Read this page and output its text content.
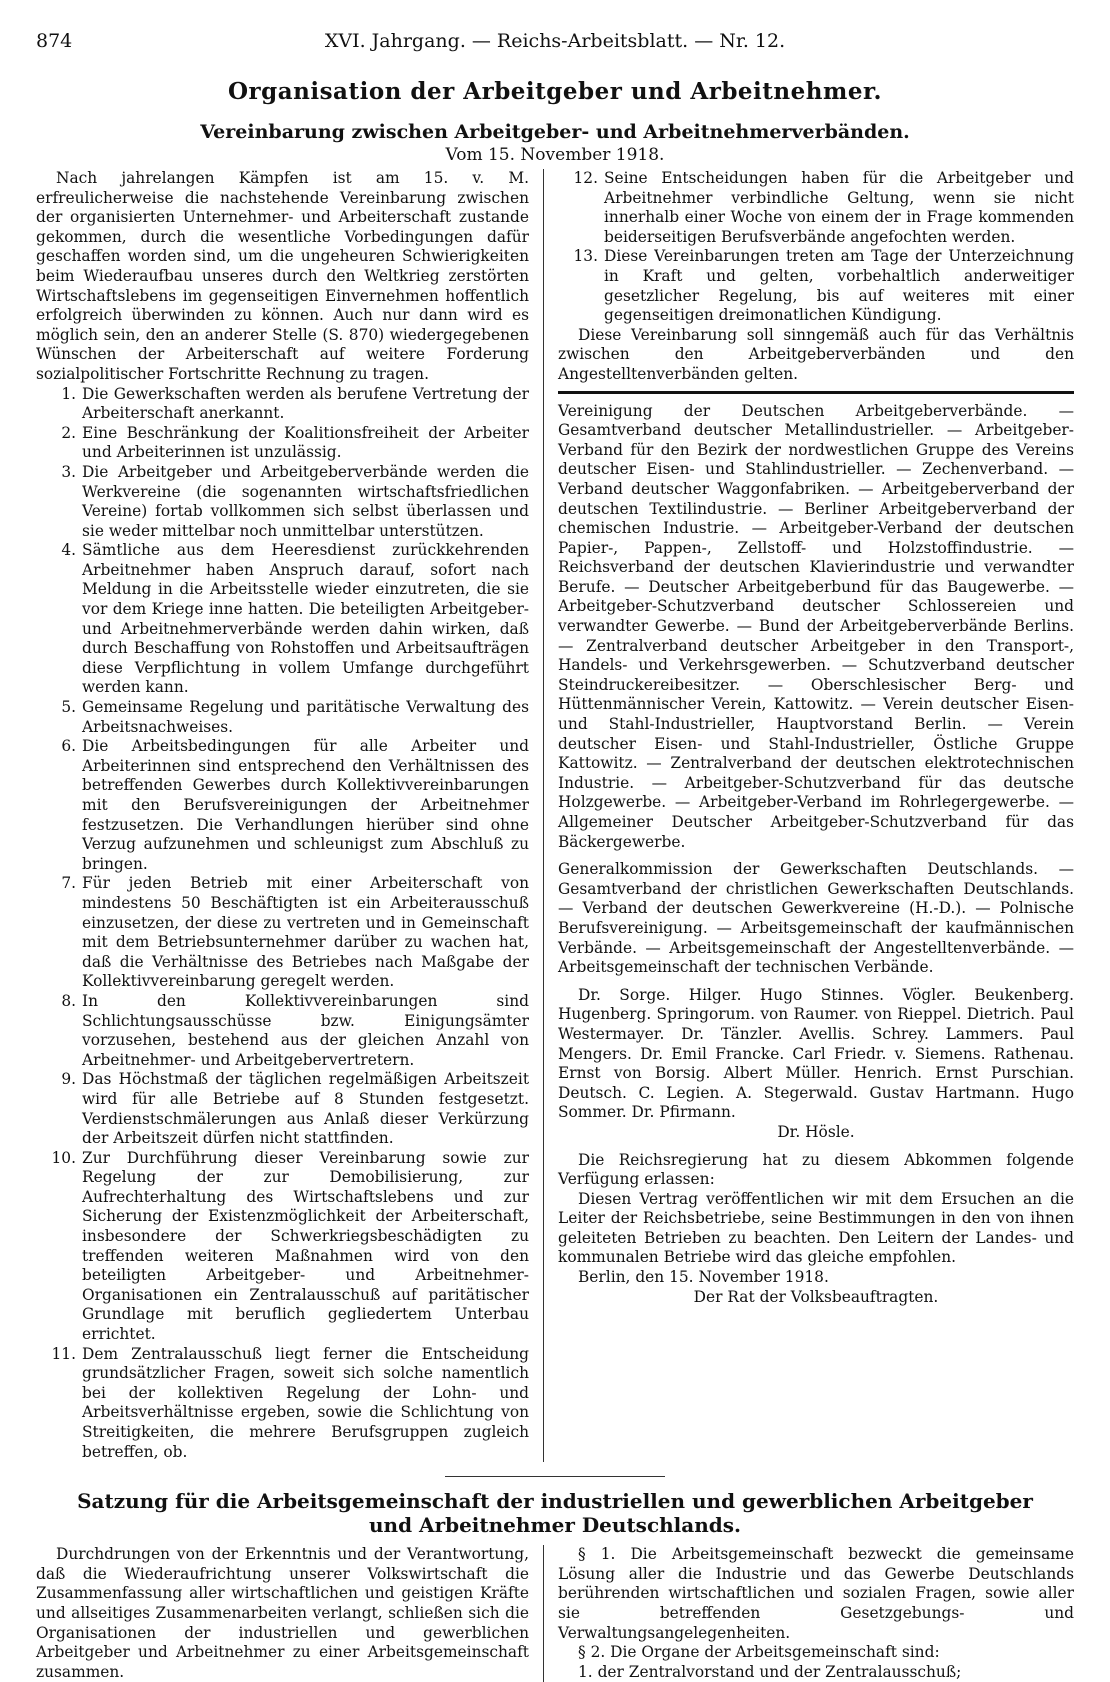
874	XVI. Jahrgang. — Reichs-Arbeitsblatt. — Nr. 12.
Organisation der Arbeitgeber und Arbeitnehmer.
Vereinbarung zwischen Arbeitgeber- und Arbeitnehmerverbänden.
Vom 15. November 1918.

Nach jahrelangen Kämpfen ist am 15. v. M. erfreulicherweise die nachstehende Vereinbarung zwischen der organisierten Unternehmer- und Arbeiterschaft zustande gekommen, durch die wesentliche Vorbedingungen dafür geschaffen worden sind, um die ungeheuren Schwierigkeiten beim Wiederaufbau unseres durch den Weltkrieg zerstörten Wirtschaftslebens im gegenseitigen Einvernehmen hoffentlich erfolgreich überwinden zu können. Auch nur dann wird es möglich sein, den an anderer Stelle (S. 870) wiedergegebenen Wünschen der Arbeiterschaft auf weitere Forderung sozialpolitischer Fortschritte Rechnung zu tragen.

1. Die Gewerkschaften werden als berufene Vertretung der Arbeiterschaft anerkannt.
2. Eine Beschränkung der Koalitionsfreiheit der Arbeiter und Arbeiterinnen ist unzulässig.
3. Die Arbeitgeber und Arbeitgeberverbände werden die Werkvereine (die sogenannten wirtschaftsfriedlichen Vereine) fortab vollkommen sich selbst überlassen und sie weder mittelbar noch unmittelbar unterstützen.
4. Sämtliche aus dem Heeresdienst zurückkehrenden Arbeitnehmer haben Anspruch darauf, sofort nach Meldung in die Arbeitsstelle wieder einzutreten, die sie vor dem Kriege inne hatten. Die beteiligten Arbeitgeber- und Arbeitnehmerverbände werden dahin wirken, daß durch Beschaffung von Rohstoffen und Arbeitsaufträgen diese Verpflichtung in vollem Umfange durchgeführt werden kann.
5. Gemeinsame Regelung und paritätische Verwaltung des Arbeitsnachweises.
6. Die Arbeitsbedingungen für alle Arbeiter und Arbeiterinnen sind entsprechend den Verhältnissen des betreffenden Gewerbes durch Kollektivvereinbarungen mit den Berufsvereinigungen der Arbeitnehmer festzusetzen. Die Verhandlungen hierüber sind ohne Verzug aufzunehmen und schleunigst zum Abschluß zu bringen.
7. Für jeden Betrieb mit einer Arbeiterschaft von mindestens 50 Beschäftigten ist ein Arbeiterausschuß einzusetzen, der diese zu vertreten und in Gemeinschaft mit dem Betriebsunternehmer darüber zu wachen hat, daß die Verhältnisse des Betriebes nach Maßgabe der Kollektivvereinbarung geregelt werden.
8. In den Kollektivvereinbarungen sind Schlichtungsausschüsse bzw. Einigungsämter vorzusehen, bestehend aus der gleichen Anzahl von Arbeitnehmer- und Arbeitgebervertretern.
9. Das Höchstmaß der täglichen regelmäßigen Arbeitszeit wird für alle Betriebe auf 8 Stunden festgesetzt. Verdienstschmälerungen aus Anlaß dieser Verkürzung der Arbeitszeit dürfen nicht stattfinden.
10. Zur Durchführung dieser Vereinbarung sowie zur Regelung der zur Demobilisierung, zur Aufrechterhaltung des Wirtschaftslebens und zur Sicherung der Existenzmöglichkeit der Arbeiterschaft, insbesondere der Schwerkriegsbeschädigten zu treffenden weiteren Maßnahmen wird von den beteiligten Arbeitgeber- und Arbeitnehmer-Organisationen ein Zentralausschuß auf paritätischer Grundlage mit beruflich gegliedertem Unterbau errichtet.
11. Dem Zentralausschuß liegt ferner die Entscheidung grundsätzlicher Fragen, soweit sich solche namentlich bei der kollektiven Regelung der Lohn- und Arbeitsverhältnisse ergeben, sowie die Schlichtung von Streitigkeiten, die mehrere Berufsgruppen zugleich betreffen, ob.
12. Seine Entscheidungen haben für die Arbeitgeber und Arbeitnehmer verbindliche Geltung, wenn sie nicht innerhalb einer Woche von einem der in Frage kommenden beiderseitigen Berufsverbände angefochten werden.
13. Diese Vereinbarungen treten am Tage der Unterzeichnung in Kraft und gelten, vorbehaltlich anderweitiger gesetzlicher Regelung, bis auf weiteres mit einer gegenseitigen dreimonatlichen Kündigung.

Diese Vereinbarung soll sinngemäß auch für das Verhältnis zwischen den Arbeitgeberverbänden und den Angestelltenverbänden gelten.

Vereinigung der Deutschen Arbeitgeberverbände. — Gesamtverband deutscher Metallindustrieller. — Arbeitgeber-Verband für den Bezirk der nordwestlichen Gruppe des Vereins deutscher Eisen- und Stahlindustrieller. — Zechenverband. — Verband deutscher Waggonfabriken. — Arbeitgeberverband der deutschen Textilindustrie. — Berliner Arbeitgeberverband der chemischen Industrie. — Arbeitgeber-Verband der deutschen Papier-, Pappen-, Zellstoff- und Holzstoffindustrie. — Reichsverband der deutschen Klavierindustrie und verwandter Berufe. — Deutscher Arbeitgeberbund für das Baugewerbe. — Arbeitgeber-Schutzverband deutscher Schlossereien und verwandter Gewerbe. — Bund der Arbeitgeberverbände Berlins. — Zentralverband deutscher Arbeitgeber in den Transport-, Handels- und Verkehrsgewerben. — Schutzverband deutscher Steindruckereibesitzer. — Oberschlesischer Berg- und Hüttenmännischer Verein, Kattowitz. — Verein deutscher Eisen- und Stahl-Industrieller, Hauptvorstand Berlin. — Verein deutscher Eisen- und Stahl-Industrieller, Östliche Gruppe Kattowitz. — Zentralverband der deutschen elektrotechnischen Industrie. — Arbeitgeber-Schutzverband für das deutsche Holzgewerbe. — Arbeitgeber-Verband im Rohrlegergewerbe. — Allgemeiner Deutscher Arbeitgeber-Schutzverband für das Bäckergewerbe.

Generalkommission der Gewerkschaften Deutschlands. — Gesamtverband der christlichen Gewerkschaften Deutschlands. — Verband der deutschen Gewerkvereine (H.-D.). — Polnische Berufsvereinigung. — Arbeitsgemeinschaft der kaufmännischen Verbände. — Arbeitsgemeinschaft der Angestelltenverbände. — Arbeitsgemeinschaft der technischen Verbände.

Dr. Sorge. Hilger. Hugo Stinnes. Vögler. Beukenberg. Hugenberg. Springorum. von Raumer. von Rieppel. Dietrich. Paul Westermayer. Dr. Tänzler. Avellis. Schrey. Lammers. Paul Mengers. Dr. Emil Francke. Carl Friedr. v. Siemens. Rathenau. Ernst von Borsig. Albert Müller. Henrich. Ernst Purschian. Deutsch. C. Legien. A. Stegerwald. Gustav Hartmann. Hugo Sommer. Dr. Pfirmann.

Dr. Hösle.

Die Reichsregierung hat zu diesem Abkommen folgende Verfügung erlassen:

Diesen Vertrag veröffentlichen wir mit dem Ersuchen an die Leiter der Reichsbetriebe, seine Bestimmungen in den von ihnen geleiteten Betrieben zu beachten. Den Leitern der Landes- und kommunalen Betriebe wird das gleiche empfohlen.

Berlin, den 15. November 1918.

Der Rat der Volksbeauftragten.

Satzung für die Arbeitsgemeinschaft der industriellen und gewerblichen Arbeitgeber und Arbeitnehmer Deutschlands.

Durchdrungen von der Erkenntnis und der Verantwortung, daß die Wiederaufrichtung unserer Volkswirtschaft die Zusammenfassung aller wirtschaftlichen und geistigen Kräfte und allseitiges Zusammenarbeiten verlangt, schließen sich die Organisationen der industriellen und gewerblichen Arbeitgeber und Arbeitnehmer zu einer Arbeitsgemeinschaft zusammen.

§ 1. Die Arbeitsgemeinschaft bezweckt die gemeinsame Lösung aller die Industrie und das Gewerbe Deutschlands berührenden wirtschaftlichen und sozialen Fragen, sowie aller sie betreffenden Gesetzgebungs- und Verwaltungsangelegenheiten.

§ 2. Die Organe der Arbeitsgemeinschaft sind:

1. der Zentralvorstand und der Zentralausschuß;
